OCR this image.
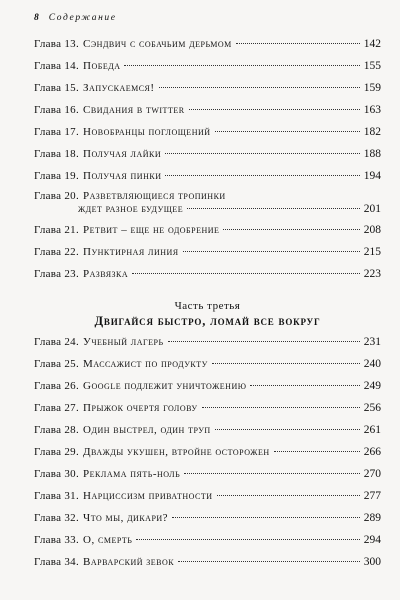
8 Содержание
Глава 13. Сэндвич с собачьим дерьмом	142
Глава 14. Победа	155
Глава 15. Запускаемся!	159
Глава 16. Свидания в twitter	163
Глава 17. Новобранцы поглощений	182
Глава 18. Получая лайки	188
Глава 19. Получая пинки	194
Глава 20. Разветвляющиеся тропинки
ждет разное будущее	201
Глава 21. Ретвит – еще не одобрение	208
Глава 22. Пунктирная линия	215
Глава 23. Развязка	223
Часть третья
Двигайся быстро, ломай все вокруг
Глава 24. Учебный лагерь	231
Глава 25. Массажист по продукту	240
Глава 26. Google подлежит уничтожению	249
Глава 27. Прыжок очертя голову	256
Глава 28. Один выстрел, один труп	261
Глава 29. Дважды укушен, втройне осторожен	266
Глава 30. Реклама пять-ноль	270
Глава 31. Нарциссизм приватности	277
Глава 32. Что мы, дикари?	289
Глава 33. О, смерть	294
Глава 34. Варварский зевок	300
